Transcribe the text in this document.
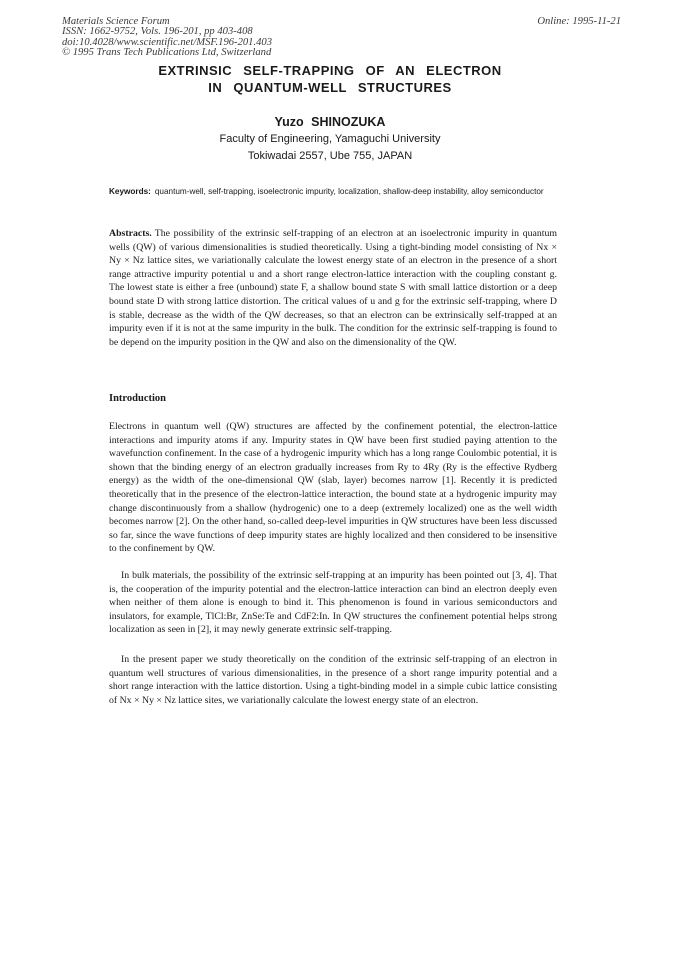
Materials Science Forum
ISSN: 1662-9752, Vols. 196-201, pp 403-408
doi:10.4028/www.scientific.net/MSF.196-201.403
© 1995 Trans Tech Publications Ltd, Switzerland
Online: 1995-11-21
EXTRINSIC SELF-TRAPPING OF AN ELECTRON
IN QUANTUM-WELL STRUCTURES
Yuzo SHINOZUKA
Faculty of Engineering, Yamaguchi University
Tokiwadai 2557, Ube 755, JAPAN
Keywords: quantum-well, self-trapping, isoelectronic impurity, localization, shallow-deep instability, alloy semiconductor

Abstracts. The possibility of the extrinsic self-trapping of an electron at an isoelectronic impurity in quantum wells (QW) of various dimensionalities is studied theoretically. Using a tight-binding model consisting of Nx × Ny × Nz lattice sites, we variationally calculate the lowest energy state of an electron in the presence of a short range attractive impurity potential u and a short range electron-lattice interaction with the coupling constant g. The lowest state is either a free (unbound) state F, a shallow bound state S with small lattice distortion or a deep bound state D with strong lattice distortion. The critical values of u and g for the extrinsic self-trapping, where D is stable, decrease as the width of the QW decreases, so that an electron can be extrinsically self-trapped at an impurity even if it is not at the same impurity in the bulk. The condition for the extrinsic self-trapping is found to be depend on the impurity position in the QW and also on the dimensionality of the QW.

Introduction

Electrons in quantum well (QW) structures are affected by the confinement potential, the electron-lattice interactions and impurity atoms if any. Impurity states in QW have been first studied paying attention to the wavefunction confinement. In the case of a hydrogenic impurity which has a long range Coulombic potential, it is shown that the binding energy of an electron gradually increases from Ry to 4Ry (Ry is the effective Rydberg energy) as the width of the one-dimensional QW (slab, layer) becomes narrow [1]. Recently it is predicted theoretically that in the presence of the electron-lattice interaction, the bound state at a hydrogenic impurity may change discontinuously from a shallow (hydrogenic) one to a deep (extremely localized) one as the well width becomes narrow [2]. On the other hand, so-called deep-level impurities in QW structures have been less discussed so far, since the wave functions of deep impurity states are highly localized and then considered to be insensitive to the confinement by QW.

In bulk materials, the possibility of the extrinsic self-trapping at an impurity has been pointed out [3, 4]. That is, the cooperation of the impurity potential and the electron-lattice interaction can bind an electron deeply even when neither of them alone is enough to bind it. This phenomenon is found in various semiconductors and insulators, for example, TlCl:Br, ZnSe:Te and CdF2:In. In QW structures the confinement potential helps strong localization as seen in [2], it may newly generate extrinsic self-trapping.

In the present paper we study theoretically on the condition of the extrinsic self-trapping of an electron in quantum well structures of various dimensionalities, in the presence of a short range impurity potential and a short range interaction with the lattice distortion. Using a tight-binding model in a simple cubic lattice consisting of Nx × Ny × Nz lattice sites, we variationally calculate the lowest energy state of an electron.
